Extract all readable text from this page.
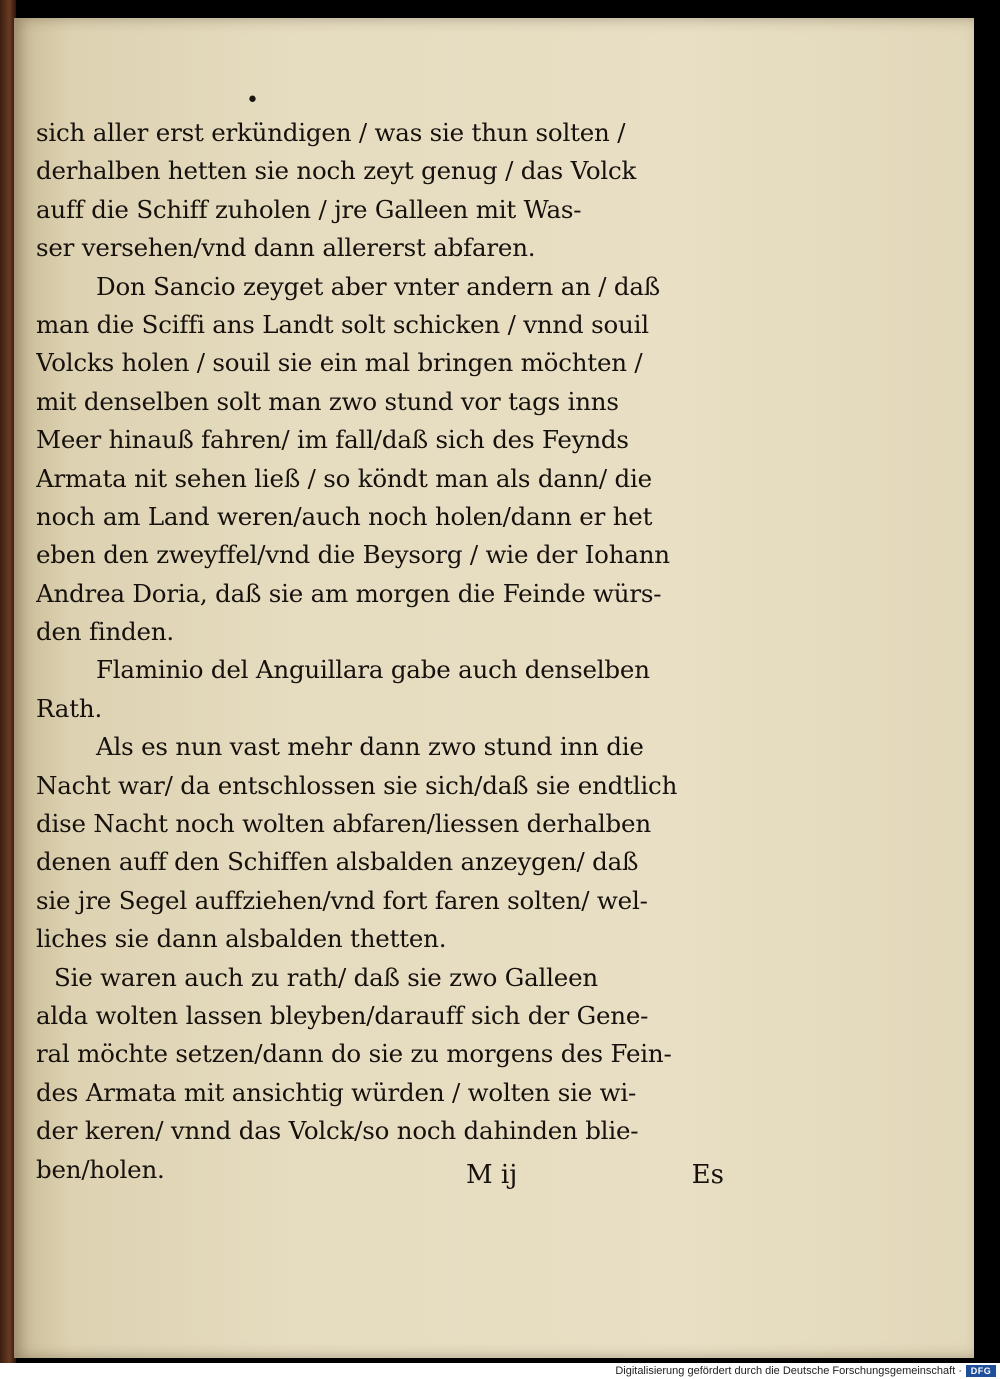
•
sich aller erst erkündigen / was sie thun solten /
derhalben hetten sie noch zeyt genug / das Volck
auff die Schiff zuholen / jre Galleen mit Was-
ser versehen/vnd dann allererst abfaren.
Don Sancio zeyget aber vnter andern an / daß
man die Sciffi ans Landt solt schicken / vnnd souil
Volcks holen / souil sie ein mal bringen möchten /
mit denselben solt man zwo stund vor tags inns
Meer hinauß fahren/ im fall/daß sich des Feynds
Armata nit sehen ließ / so köndt man als dann/ die
noch am Land weren/auch noch holen/dann er het
eben den zweyffel/vnd die Beysorg / wie der Iohann
Andrea Doria, daß sie am morgen die Feinde würs-
den finden.
Flaminio del Anguillara gabe auch denselben
Rath.
Als es nun vast mehr dann zwo stund inn die
Nacht war/ da entschlossen sie sich/daß sie endtlich
dise Nacht noch wolten abfaren/liessen derhalben
denen auff den Schiffen alsbalden anzeygen/ daß
sie jre Segel auffziehen/vnd fort faren solten/ wel-
liches sie dann alsbalden thetten.
Sie waren auch zu rath/ daß sie zwo Galleen
alda wolten lassen bleyben/darauff sich der Gene-
ral möchte setzen/dann do sie zu morgens des Fein-
des Armata mit ansichtig würden / wolten sie wi-
der keren/ vnnd das Volck/so noch dahinden blie-
ben/holen.	M ij	Es
Digitalisierung gefördert durch die Deutsche Forschungsgemeinschaft · DFG
